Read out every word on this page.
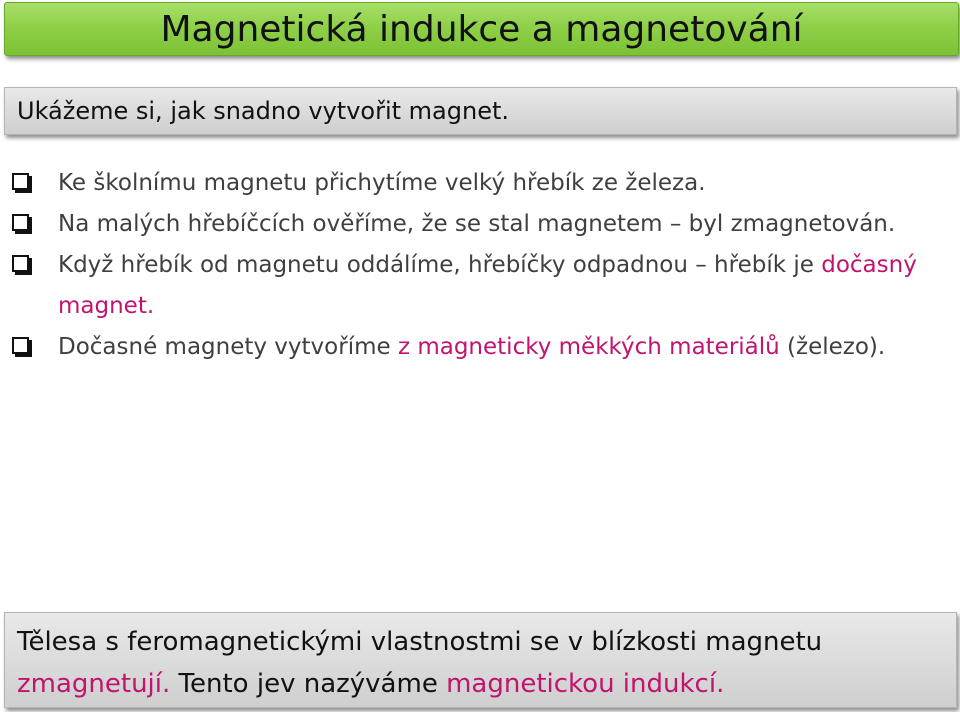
Magnetická indukce a magnetování
Ukážeme si, jak snadno vytvořit magnet.
Ke školnímu magnetu přichytíme velký hřebík ze železa.
Na malých hřebíčcích ověříme, že se stal magnetem – byl zmagnetován.
Když hřebík od magnetu oddálíme, hřebíčky odpadnou – hřebík je dočasný magnet.
Dočasné magnety vytvoříme z magneticky měkkých materiálů (železo).

Tělesa s feromagnetickými vlastnostmi se v blízkosti magnetu
zmagnetují. Tento jev nazýváme magnetickou indukcí.
